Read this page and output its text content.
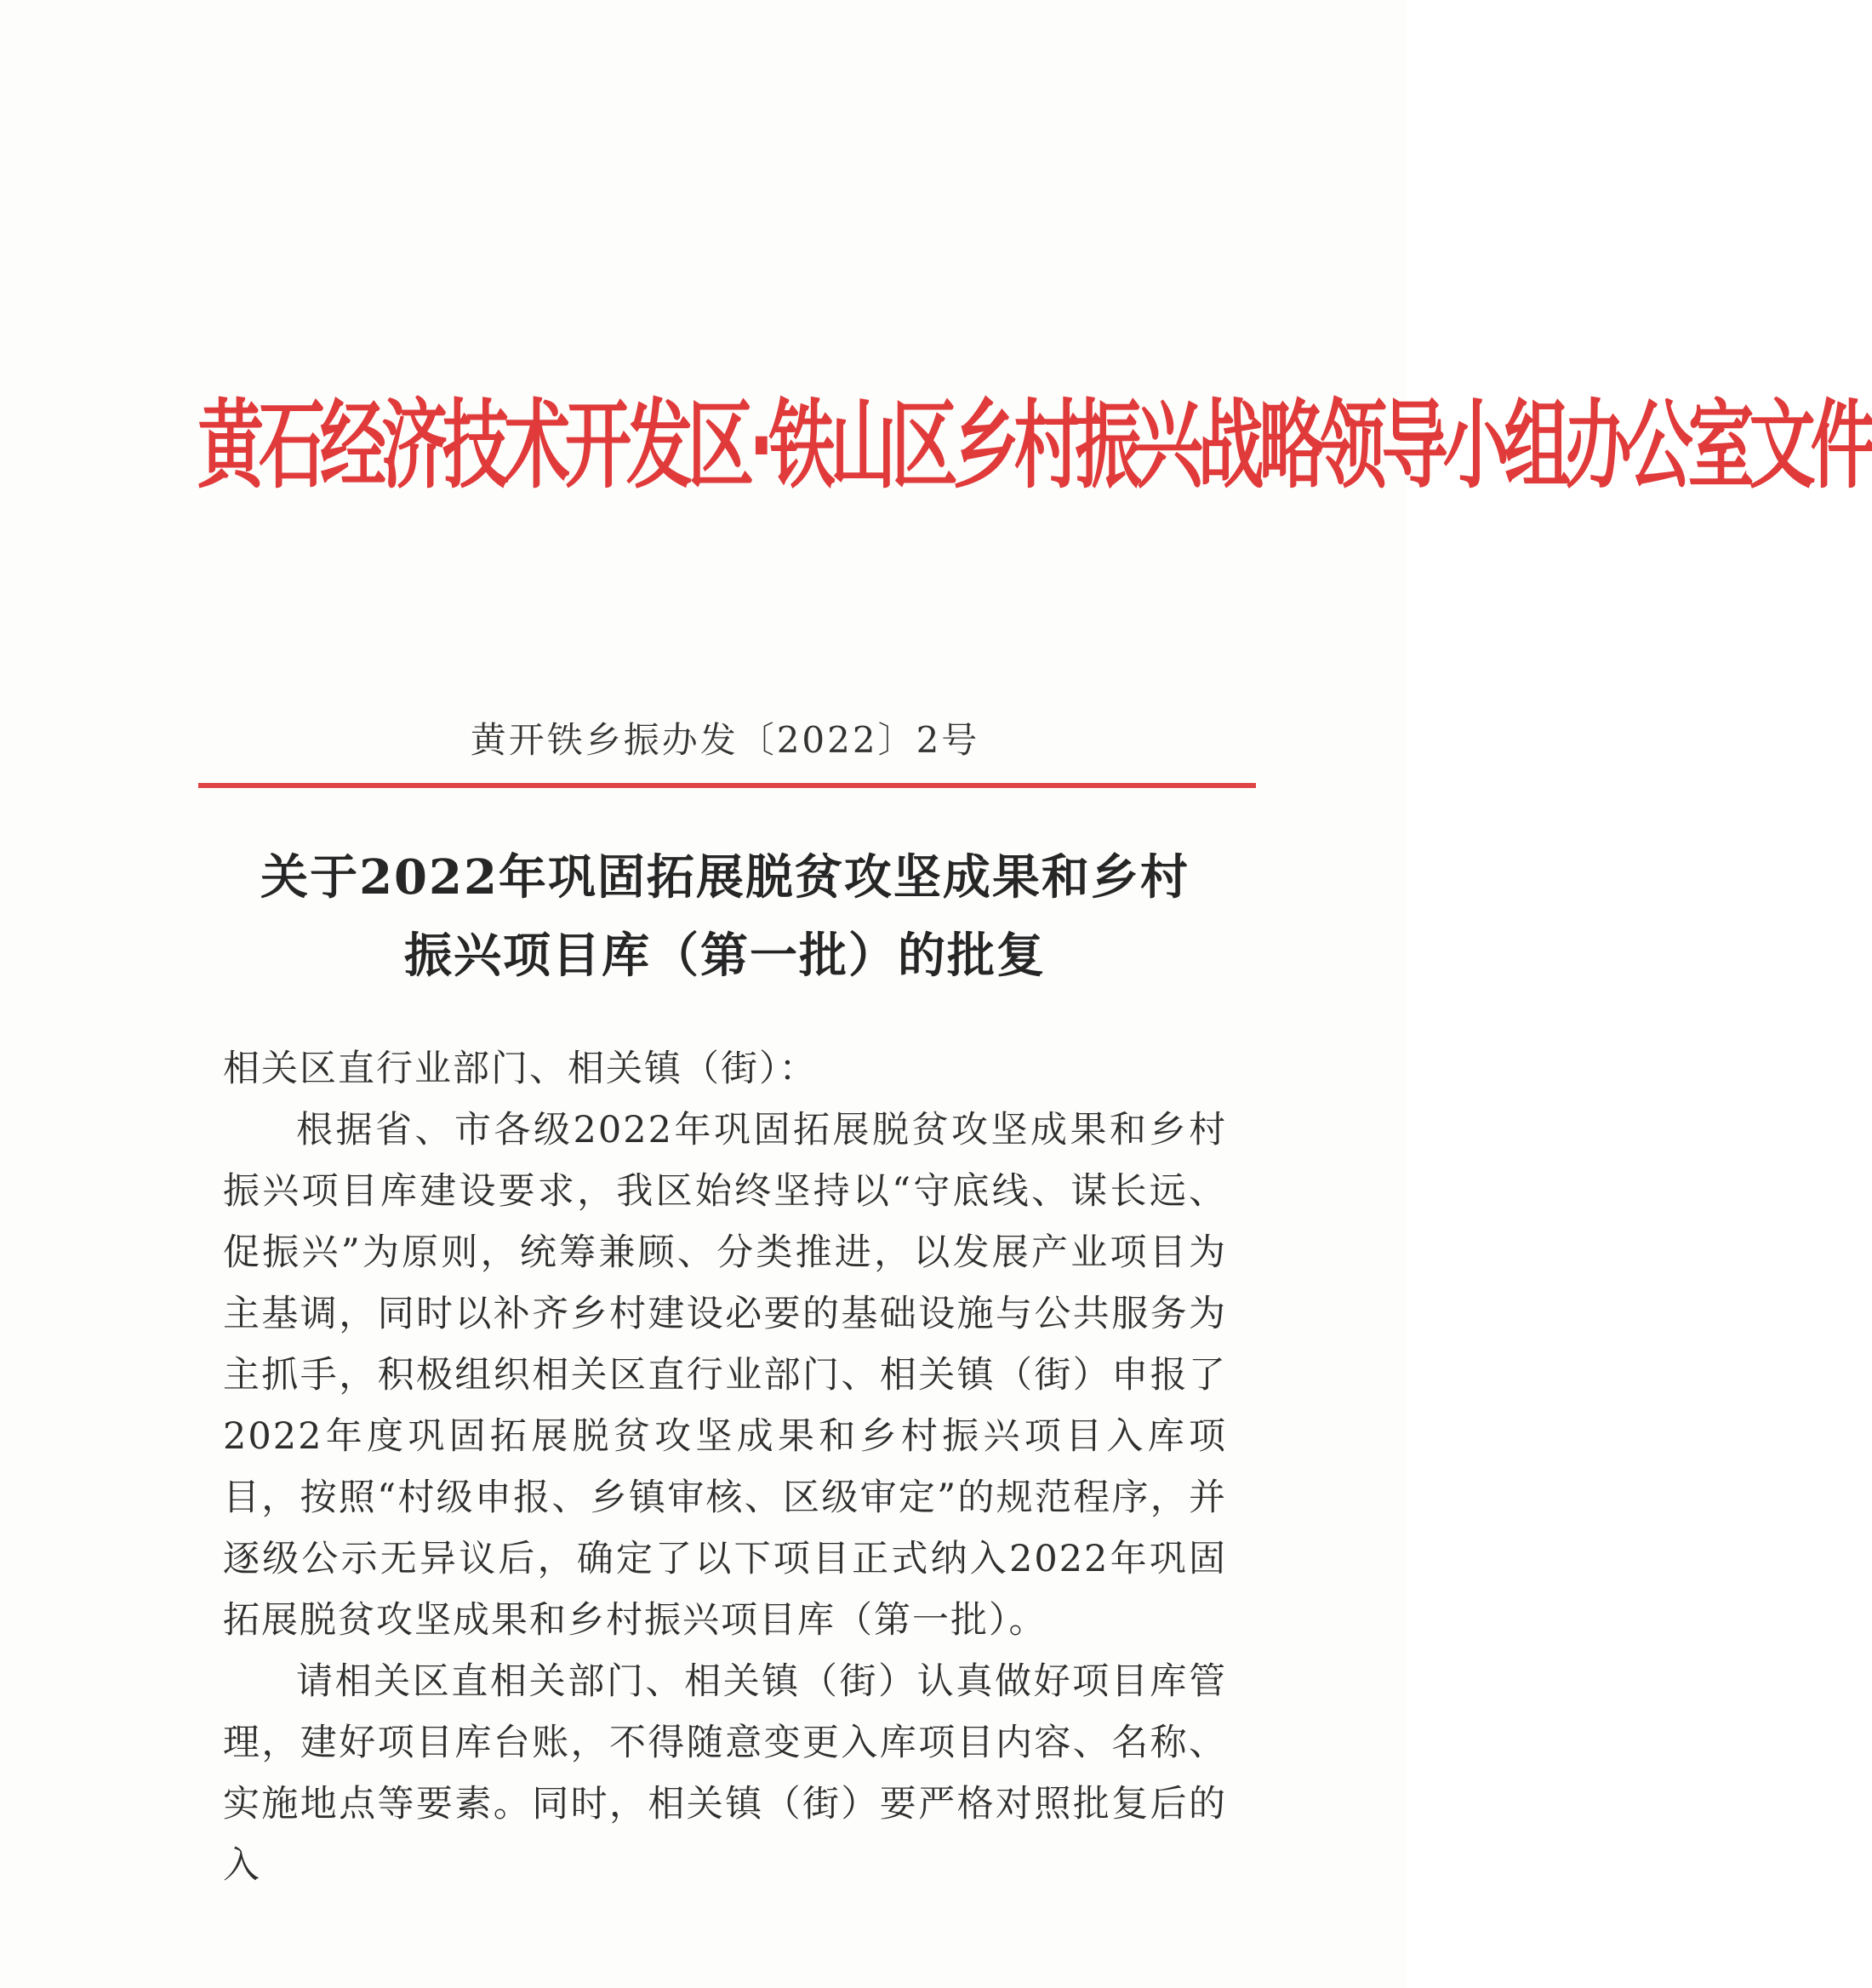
黄石经济技术开发区·铁山区乡村振兴战略领导小组办公室文件
黄开铁乡振办发〔2022〕2号
关于2022年巩固拓展脱贫攻坚成果和乡村
振兴项目库（第一批）的批复

相关区直行业部门、相关镇（街）：

根据省、市各级2022年巩固拓展脱贫攻坚成果和乡村振兴项目库建设要求，我区始终坚持以“守底线、谋长远、促振兴”为原则，统筹兼顾、分类推进，以发展产业项目为主基调，同时以补齐乡村建设必要的基础设施与公共服务为主抓手，积极组织相关区直行业部门、相关镇（街）申报了2022年度巩固拓展脱贫攻坚成果和乡村振兴项目入库项目，按照“村级申报、乡镇审核、区级审定”的规范程序，并逐级公示无异议后，确定了以下项目正式纳入2022年巩固拓展脱贫攻坚成果和乡村振兴项目库（第一批）。

请相关区直相关部门、相关镇（街）认真做好项目库管理，建好项目库台账，不得随意变更入库项目内容、名称、实施地点等要素。同时，相关镇（街）要严格对照批复后的入
